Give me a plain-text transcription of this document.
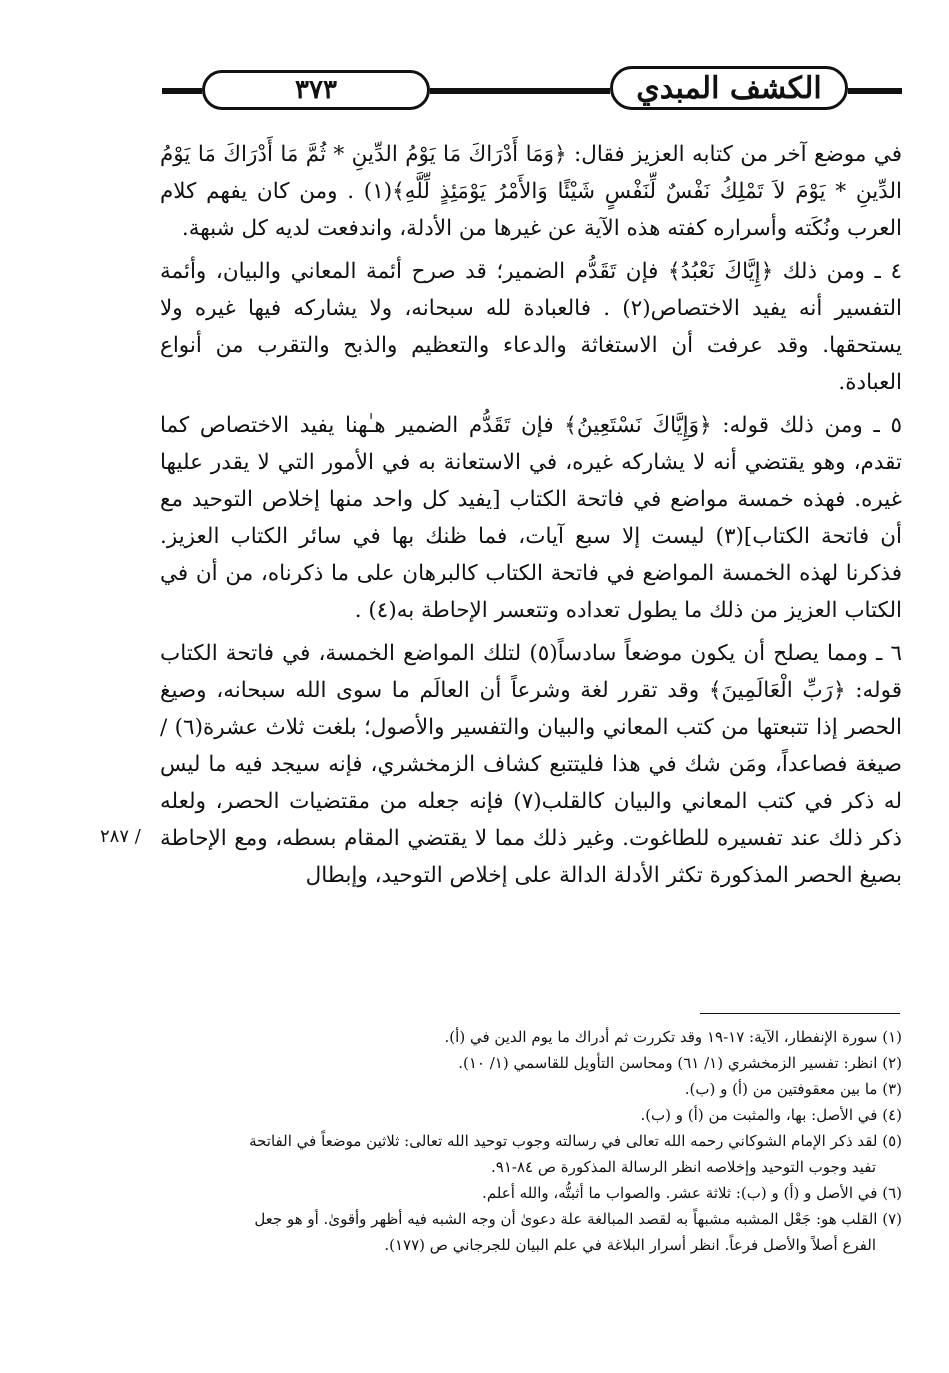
٣٧٣	الكشف المبدي

في موضع آخر من كتابه العزيز فقال: ﴿وَمَا أَدْرَاكَ مَا يَوْمُ الدِّينِ * ثُمَّ مَا أَدْرَاكَ مَا يَوْمُ الدِّينِ * يَوْمَ لاَ تَمْلِكُ نَفْسٌ لِّنَفْسٍ شَيْئًا وَالأَمْرُ يَوْمَئِذٍ لِّلَّهِ﴾(١) . ومن كان يفهم كلام العرب ونُكَته وأسراره كفته هذه الآية عن غيرها من الأدلة، واندفعت لديه كل شبهة.

٤ ـ ومن ذلك ﴿إِيَّاكَ نَعْبُدُ﴾ فإن تَقَدُّم الضمير؛ قد صرح أئمة المعاني والبيان، وأئمة التفسير أنه يفيد الاختصاص(٢) . فالعبادة لله سبحانه، ولا يشاركه فيها غيره ولا يستحقها. وقد عرفت أن الاستغاثة والدعاء والتعظيم والذبح والتقرب من أنواع العبادة.

٥ ـ ومن ذلك قوله: ﴿وَإِيَّاكَ نَسْتَعِينُ﴾ فإن تَقَدُّم الضمير هـٰهنا يفيد الاختصاص كما تقدم، وهو يقتضي أنه لا يشاركه غيره، في الاستعانة به في الأمور التي لا يقدر عليها غيره. فهذه خمسة مواضع في فاتحة الكتاب [يفيد كل واحد منها إخلاص التوحيد مع أن فاتحة الكتاب](٣) ليست إلا سبع آيات، فما ظنك بها في سائر الكتاب العزيز. فذكرنا لهذه الخمسة المواضع في فاتحة الكتاب كالبرهان على ما ذكرناه، من أن في الكتاب العزيز من ذلك ما يطول تعداده وتتعسر الإحاطة به(٤) .

٦ ـ ومما يصلح أن يكون موضعاً سادساً(٥) لتلك المواضع الخمسة، في فاتحة الكتاب قوله: ﴿رَبِّ الْعَالَمِينَ﴾ وقد تقرر لغة وشرعاً أن العالَم ما سوى الله سبحانه، وصيغ الحصر إذا تتبعتها من كتب المعاني والبيان والتفسير والأصول؛ بلغت ثلاث عشرة(٦) / صيغة فصاعداً، ومَن شك في هذا فليتتبع كشاف الزمخشري، فإنه سيجد فيه ما ليس له ذكر في كتب المعاني والبيان كالقلب(٧) فإنه جعله من مقتضيات الحصر، ولعله ذكر ذلك عند تفسيره للطاغوت. وغير ذلك مما لا يقتضي المقام بسطه، ومع الإحاطة بصيغ الحصر المذكورة تكثر الأدلة الدالة على إخلاص التوحيد، وإبطال

/ ٢٨٧
(١) سورة الإنفطار، الآية: ١٧-١٩ وقد تكررت ثم أدراك ما يوم الدين في (أ).
(٢) انظر: تفسير الزمخشري (١/ ٦١) ومحاسن التأويل للقاسمي (١/ ١٠).
(٣) ما بين معقوفتين من (أ) و (ب).
(٤) في الأصل: بها، والمثبت من (أ) و (ب).
(٥) لقد ذكر الإمام الشوكاني رحمه الله تعالى في رسالته وجوب توحيد الله تعالى: ثلاثين موضعاً في الفاتحة
تفيد وجوب التوحيد وإخلاصه انظر الرسالة المذكورة ص ٨٤-٩١.
(٦) في الأصل و (أ) و (ب): ثلاثة عشر. والصواب ما أثبتُّه، والله أعلم.
(٧) القلب هو: جَعْل المشبه مشبهاً به لقصد المبالغة علة دعوىٰ أن وجه الشبه فيه أظهر وأقوىٰ. أو هو جعل
الفرع أصلاً والأصل فرعاً. انظر أسرار البلاغة في علم البيان للجرجاني ص (١٧٧).
